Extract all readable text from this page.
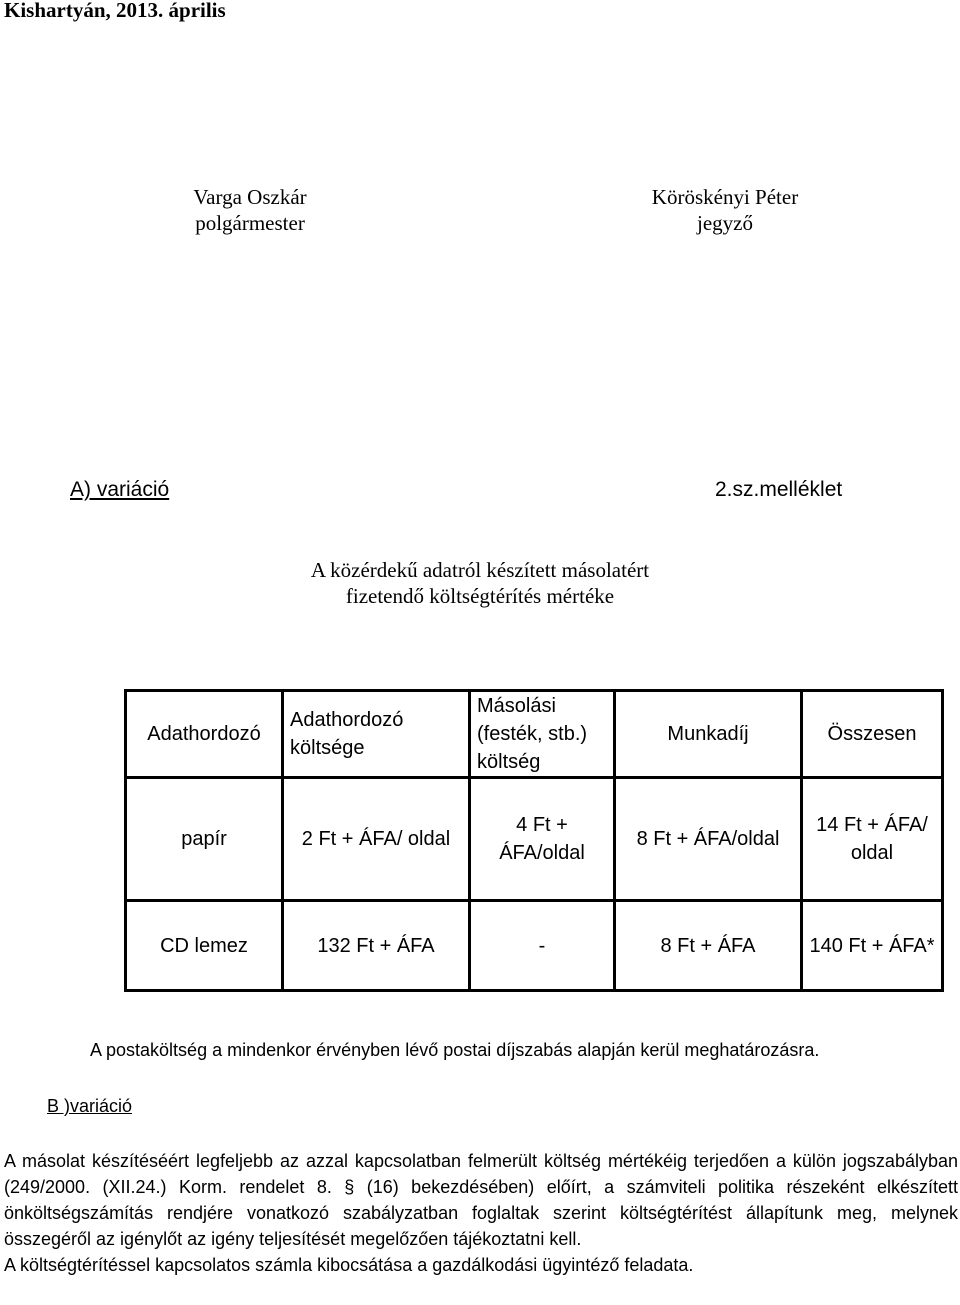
Kishartyán, 2013. április
Varga Oszkár
polgármester
Köröskényi Péter
jegyző
A) variáció	2.sz.melléklet
A közérdekű adatról készített másolatért
fizetendő költségtérítés mértéke
Adathordozó	Adathordozó költsége	Másolási (festék, stb.) költség	Munkadíj	Összesen
papír	2 Ft + ÁFA/ oldal	4 Ft + ÁFA/oldal	8 Ft + ÁFA/oldal	14 Ft + ÁFA/ oldal
CD lemez	132 Ft + ÁFA	-	8 Ft + ÁFA	140 Ft + ÁFA*
A postaköltség a mindenkor érvényben lévő postai díjszabás alapján kerül meghatározásra.
B )variáció

A másolat készítéséért legfeljebb az azzal kapcsolatban felmerült költség mértékéig terjedően a külön jogszabályban (249/2000. (XII.24.) Korm. rendelet 8. § (16) bekezdésében) előírt, a számviteli politika részeként elkészített önköltségszámítás rendjére vonatkozó szabályzatban foglaltak szerint költségtérítést állapítunk meg, melynek összegéről az igénylőt az igény teljesítését megelőzően tájékoztatni kell.

A költségtérítéssel kapcsolatos számla kibocsátása a gazdálkodási ügyintéző feladata.
